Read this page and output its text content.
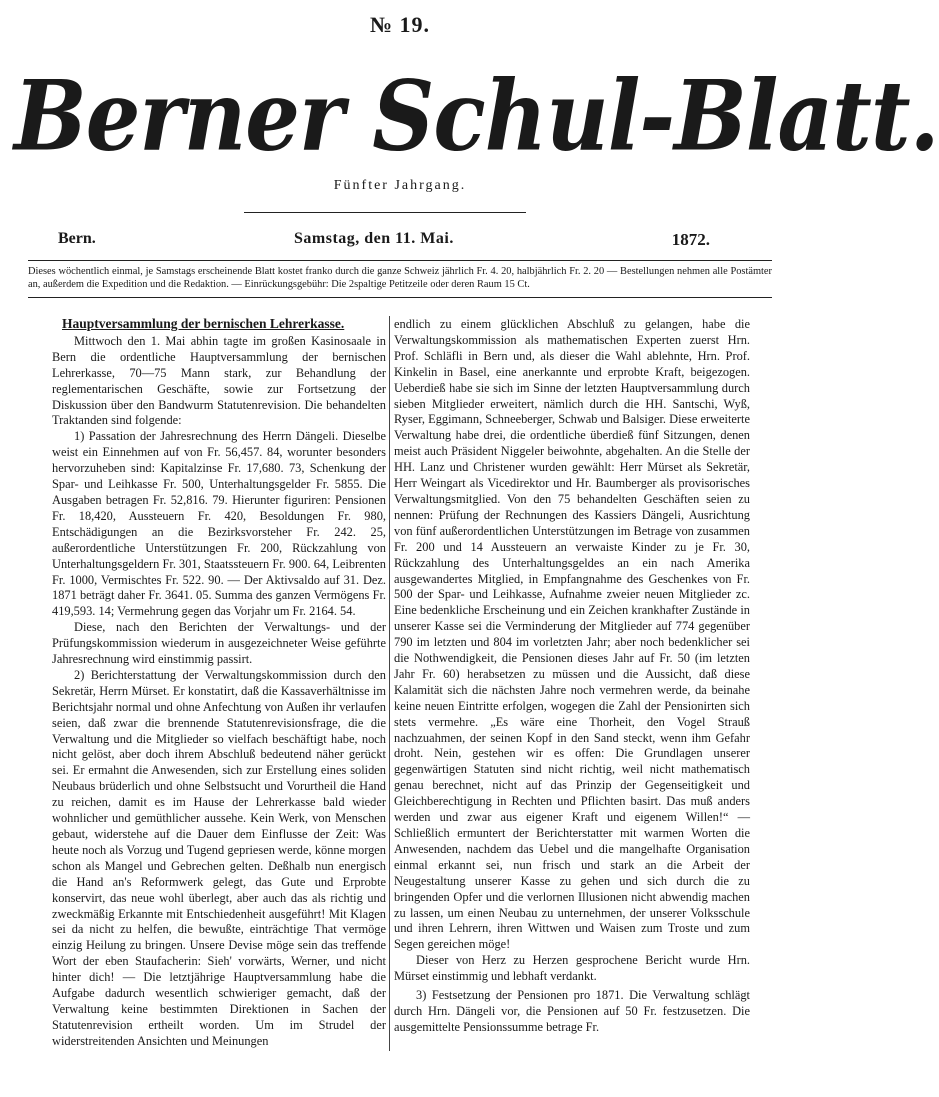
№ 19.
Berner Schul-Blatt.
Fünfter Jahrgang.
Bern.	Samstag, den 11. Mai.	1872.
Dieses wöchentlich einmal, je Samstags erscheinende Blatt kostet franko durch die ganze Schweiz jährlich Fr. 4. 20, halbjährlich Fr. 2. 20 — Bestellungen nehmen alle Postämter an, außerdem die Expedition und die Redaktion. — Einrückungsgebühr: Die 2spaltige Petitzeile oder deren Raum 15 Ct.

Hauptversammlung der bernischen Lehrerkasse.

Mittwoch den 1. Mai abhin tagte im großen Kasinosaale in Bern die ordentliche Hauptversammlung der bernischen Lehrerkasse, 70—75 Mann stark, zur Behandlung der reglementarischen Geschäfte, sowie zur Fortsetzung der Diskussion über den Bandwurm Statutenrevision. Die behandelten Traktanden sind folgende:

1) Passation der Jahresrechnung des Herrn Dängeli. Dieselbe weist ein Einnehmen auf von Fr. 56,457. 84, worunter besonders hervorzuheben sind: Kapitalzinse Fr. 17,680. 73, Schenkung der Spar- und Leihkasse Fr. 500, Unterhaltungsgelder Fr. 5855. Die Ausgaben betragen Fr. 52,816. 79. Hierunter figuriren: Pensionen Fr. 18,420, Aussteuern Fr. 420, Besoldungen Fr. 980, Entschädigungen an die Bezirksvorsteher Fr. 242. 25, außerordentliche Unterstützungen Fr. 200, Rückzahlung von Unterhaltungsgeldern Fr. 301, Staatssteuern Fr. 900. 64, Leibrenten Fr. 1000, Vermischtes Fr. 522. 90. — Der Aktivsaldo auf 31. Dez. 1871 beträgt daher Fr. 3641. 05. Summa des ganzen Vermögens Fr. 419,593. 14; Vermehrung gegen das Vorjahr um Fr. 2164. 54.

Diese, nach den Berichten der Verwaltungs- und der Prüfungskommission wiederum in ausgezeichneter Weise geführte Jahresrechnung wird einstimmig passirt.

2) Berichterstattung der Verwaltungskommission durch den Sekretär, Herrn Mürset. Er konstatirt, daß die Kassaverhältnisse im Berichtsjahr normal und ohne Anfechtung von Außen ihr verlaufen seien, daß zwar die brennende Statutenrevisionsfrage, die die Verwaltung und die Mitglieder so vielfach beschäftigt habe, noch nicht gelöst, aber doch ihrem Abschluß bedeutend näher gerückt sei. Er ermahnt die Anwesenden, sich zur Erstellung eines soliden Neubaus brüderlich und ohne Selbstsucht und Vorurtheil die Hand zu reichen, damit es im Hause der Lehrerkasse bald wieder wohnlicher und gemüthlicher aussehe. Kein Werk, von Menschen gebaut, widerstehe auf die Dauer dem Einflusse der Zeit: Was heute noch als Vorzug und Tugend gepriesen werde, könne morgen schon als Mangel und Gebrechen gelten. Deßhalb nun energisch die Hand an's Reformwerk gelegt, das Gute und Erprobte konservirt, das neue wohl überlegt, aber auch das als richtig und zweckmäßig Erkannte mit Entschiedenheit ausgeführt! Mit Klagen sei da nicht zu helfen, die bewußte, einträchtige That vermöge einzig Heilung zu bringen. Unsere Devise möge sein das treffende Wort der eben Staufacherin: Sieh' vorwärts, Werner, und nicht hinter dich! — Die letztjährige Hauptversammlung habe die Aufgabe dadurch wesentlich schwieriger gemacht, daß der Verwaltung keine bestimmten Direktionen in Sachen der Statutenrevision ertheilt worden. Um im Strudel der widerstreitenden Ansichten und Meinungen

endlich zu einem glücklichen Abschluß zu gelangen, habe die Verwaltungskommission als mathematischen Experten zuerst Hrn. Prof. Schläfli in Bern und, als dieser die Wahl ablehnte, Hrn. Prof. Kinkelin in Basel, eine anerkannte und erprobte Kraft, beigezogen. Ueberdieß habe sie sich im Sinne der letzten Hauptversammlung durch sieben Mitglieder erweitert, nämlich durch die HH. Santschi, Wyß, Ryser, Eggimann, Schneeberger, Schwab und Balsiger. Diese erweiterte Verwaltung habe drei, die ordentliche überdieß fünf Sitzungen, denen meist auch Präsident Niggeler beiwohnte, abgehalten. An die Stelle der HH. Lanz und Christener wurden gewählt: Herr Mürset als Sekretär, Herr Weingart als Vicedirektor und Hr. Baumberger als provisorisches Verwaltungsmitglied. Von den 75 behandelten Geschäften seien zu nennen: Prüfung der Rechnungen des Kassiers Dängeli, Ausrichtung von fünf außerordentlichen Unterstützungen im Betrage von zusammen Fr. 200 und 14 Aussteuern an verwaiste Kinder zu je Fr. 30, Rückzahlung des Unterhaltungsgeldes an ein nach Amerika ausgewandertes Mitglied, in Empfangnahme des Geschenkes von Fr. 500 der Spar- und Leihkasse, Aufnahme zweier neuen Mitglieder zc. Eine bedenkliche Erscheinung und ein Zeichen krankhafter Zustände in unserer Kasse sei die Verminderung der Mitglieder auf 774 gegenüber 790 im letzten und 804 im vorletzten Jahr; aber noch bedenklicher sei die Nothwendigkeit, die Pensionen dieses Jahr auf Fr. 50 (im letzten Jahr Fr. 60) herabsetzen zu müssen und die Aussicht, daß diese Kalamität sich die nächsten Jahre noch vermehren werde, da beinahe keine neuen Eintritte erfolgen, wogegen die Zahl der Pensionirten sich stets vermehre. „Es wäre eine Thorheit, den Vogel Strauß nachzuahmen, der seinen Kopf in den Sand steckt, wenn ihm Gefahr droht. Nein, gestehen wir es offen: Die Grundlagen unserer gegenwärtigen Statuten sind nicht richtig, weil nicht mathematisch genau berechnet, nicht auf das Prinzip der Gegenseitigkeit und Gleichberechtigung in Rechten und Pflichten basirt. Das muß anders werden und zwar aus eigener Kraft und eigenem Willen!“ — Schließlich ermuntert der Berichterstatter mit warmen Worten die Anwesenden, nachdem das Uebel und die mangelhafte Organisation einmal erkannt sei, nun frisch und stark an die Arbeit der Neugestaltung unserer Kasse zu gehen und sich durch die zu bringenden Opfer und die verlornen Illusionen nicht abwendig machen zu lassen, um einen Neubau zu unternehmen, der unserer Volksschule und ihren Lehrern, ihren Wittwen und Waisen zum Troste und zum Segen gereichen möge!

Dieser von Herz zu Herzen gesprochene Bericht wurde Hrn. Mürset einstimmig und lebhaft verdankt.

3) Festsetzung der Pensionen pro 1871. Die Verwaltung schlägt durch Hrn. Dängeli vor, die Pensionen auf 50 Fr. festzusetzen. Die ausgemittelte Pensionssumme betrage Fr.
